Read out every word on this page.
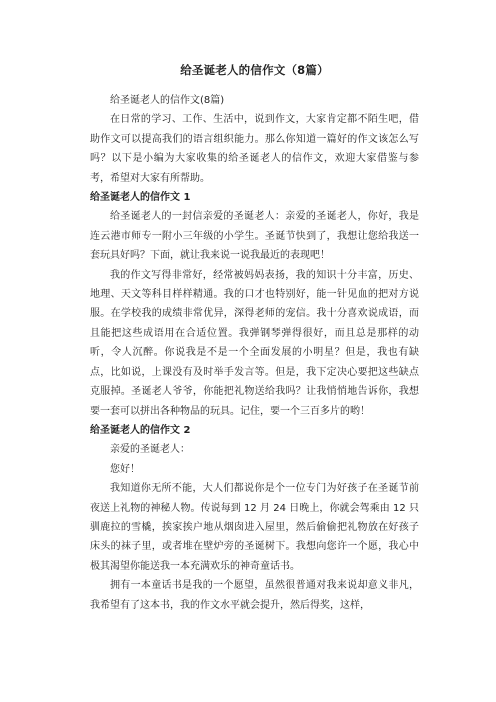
给圣诞老人的信作文（8篇）

给圣诞老人的信作文(8篇)

在日常的学习、工作、生活中，说到作文，大家肯定都不陌生吧，借助作文可以提高我们的语言组织能力。那么你知道一篇好的作文该怎么写吗？以下是小编为大家收集的给圣诞老人的信作文，欢迎大家借鉴与参考，希望对大家有所帮助。

给圣诞老人的信作文 1

给圣诞老人的一封信亲爱的圣诞老人：亲爱的圣诞老人，你好，我是连云港市师专一附小三年级的小学生。圣诞节快到了，我想让您给我送一套玩具好吗？下面，就让我来说一说我最近的表现吧！

我的作文写得非常好，经常被妈妈表扬，我的知识十分丰富，历史、地理、天文等科目样样精通。我的口才也特别好，能一针见血的把对方说服。在学校我的成绩非常优异，深得老师的宠信。我十分喜欢说成语，而且能把这些成语用在合适位置。我弹钢琴弹得很好，而且总是那样的动听，令人沉醉。你说我是不是一个全面发展的小明星？但是，我也有缺点，比如说，上课没有及时举手发言等。但是，我下定决心要把这些缺点克服掉。圣诞老人爷爷，你能把礼物送给我吗？让我悄悄地告诉你，我想要一套可以拼出各种物品的玩具。记住，要一个三百多片的哟！

给圣诞老人的信作文 2

亲爱的圣诞老人：

您好！

我知道你无所不能，大人们都说你是个一位专门为好孩子在圣诞节前夜送上礼物的神秘人物。传说每到 12 月 24 日晚上，你就会驾乘由 12 只驯鹿拉的雪橇，挨家挨户地从烟囱进入屋里，然后偷偷把礼物放在好孩子床头的袜子里，或者堆在壁炉旁的圣诞树下。我想向您许一个愿，我心中极其渴望你能送我一本充满欢乐的神奇童话书。

拥有一本童话书是我的一个愿望，虽然很普通对我来说却意义非凡，我希望有了这本书，我的作文水平就会提升，然后得奖，这样，
